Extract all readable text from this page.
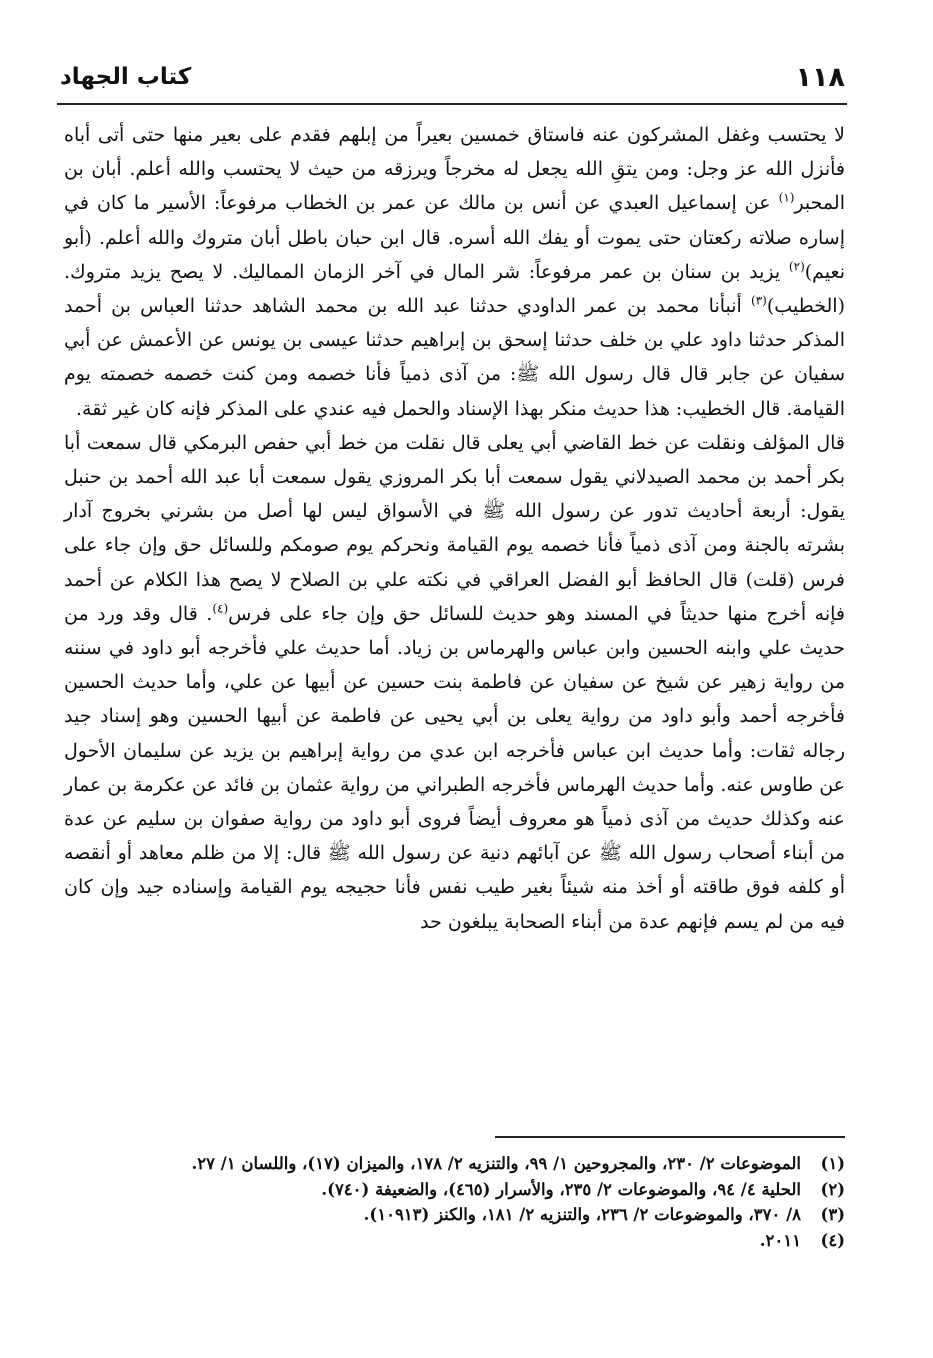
١١٨
كتاب الجهاد

لا يحتسب وغفل المشركون عنه فاستاق خمسين بعيراً من إبلهم فقدم على بعير منها حتى أتى أباه فأنزل الله عز وجل: ومن يتقِ الله يجعل له مخرجاً ويرزقه من حيث لا يحتسب والله أعلم. أبان بن المحبر$^{(١)}$ عن إسماعيل العبدي عن أنس بن مالك عن عمر بن الخطاب مرفوعاً: الأسير ما كان في إساره صلاته ركعتان حتى يموت أو يفك الله أسره. قال ابن حبان باطل أبان متروك والله أعلم. (أبو نعيم)$^{(٢)}$ يزيد بن سنان بن عمر مرفوعاً: شر المال في آخر الزمان المماليك. لا يصح يزيد متروك. (الخطيب)$^{(٣)}$ أنبأنا محمد بن عمر الداودي حدثنا عبد الله بن محمد الشاهد حدثنا العباس بن أحمد المذكر حدثنا داود علي بن خلف حدثنا إسحق بن إبراهيم حدثنا عيسى بن يونس عن الأعمش عن أبي سفيان عن جابر قال قال رسول الله ﷺ: من آذى ذمياً فأنا خصمه ومن كنت خصمه خصمته يوم القيامة. قال الخطيب: هذا حديث منكر بهذا الإسناد والحمل فيه عندي على المذكر فإنه كان غير ثقة.

قال المؤلف ونقلت عن خط القاضي أبي يعلى قال نقلت من خط أبي حفص البرمكي قال سمعت أبا بكر أحمد بن محمد الصيدلاني يقول سمعت أبا بكر المروزي يقول سمعت أبا عبد الله أحمد بن حنبل يقول: أربعة أحاديث تدور عن رسول الله ﷺ في الأسواق ليس لها أصل من بشرني بخروج آدار بشرته بالجنة ومن آذى ذمياً فأنا خصمه يوم القيامة ونحركم يوم صومكم وللسائل حق وإن جاء على فرس (قلت) قال الحافظ أبو الفضل العراقي في نكته علي بن الصلاح لا يصح هذا الكلام عن أحمد فإنه أخرج منها حديثاً في المسند وهو حديث للسائل حق وإن جاء على فرس$^{(٤)}$. قال وقد ورد من حديث علي وابنه الحسين وابن عباس والهرماس بن زياد. أما حديث علي فأخرجه أبو داود في سننه من رواية زهير عن شيخ عن سفيان عن فاطمة بنت حسين عن أبيها عن علي، وأما حديث الحسين فأخرجه أحمد وأبو داود من رواية يعلى بن أبي يحيى عن فاطمة عن أبيها الحسين وهو إسناد جيد رجاله ثقات: وأما حديث ابن عباس فأخرجه ابن عدي من رواية إبراهيم بن يزيد عن سليمان الأحول عن طاوس عنه. وأما حديث الهرماس فأخرجه الطبراني من رواية عثمان بن فائد عن عكرمة بن عمار عنه وكذلك حديث من آذى ذمياً هو معروف أيضاً فروى أبو داود من رواية صفوان بن سليم عن عدة من أبناء أصحاب رسول الله ﷺ عن آبائهم دنية عن رسول الله ﷺ قال: إلا من ظلم معاهد أو أنقصه أو كلفه فوق طاقته أو أخذ منه شيئاً بغير طيب نفس فأنا حجيجه يوم القيامة وإسناده جيد وإن كان فيه من لم يسم فإنهم عدة من أبناء الصحابة يبلغون حد

(١)
الموضوعات ٢/ ٢٣٠، والمجروحين ١/ ٩٩، والتنزيه ٢/ ١٧٨، والميزان (١٧)، واللسان ١/ ٢٧.
(٢)
الحلية ٤/ ٩٤، والموضوعات ٢/ ٢٣٥، والأسرار (٤٦٥)، والضعيفة (٧٤٠).
(٣)
٨/ ٣٧٠، والموضوعات ٢/ ٢٣٦، والتنزيه ٢/ ١٨١، والكنز (١٠٩١٣).
(٤)
٢٠١١.
